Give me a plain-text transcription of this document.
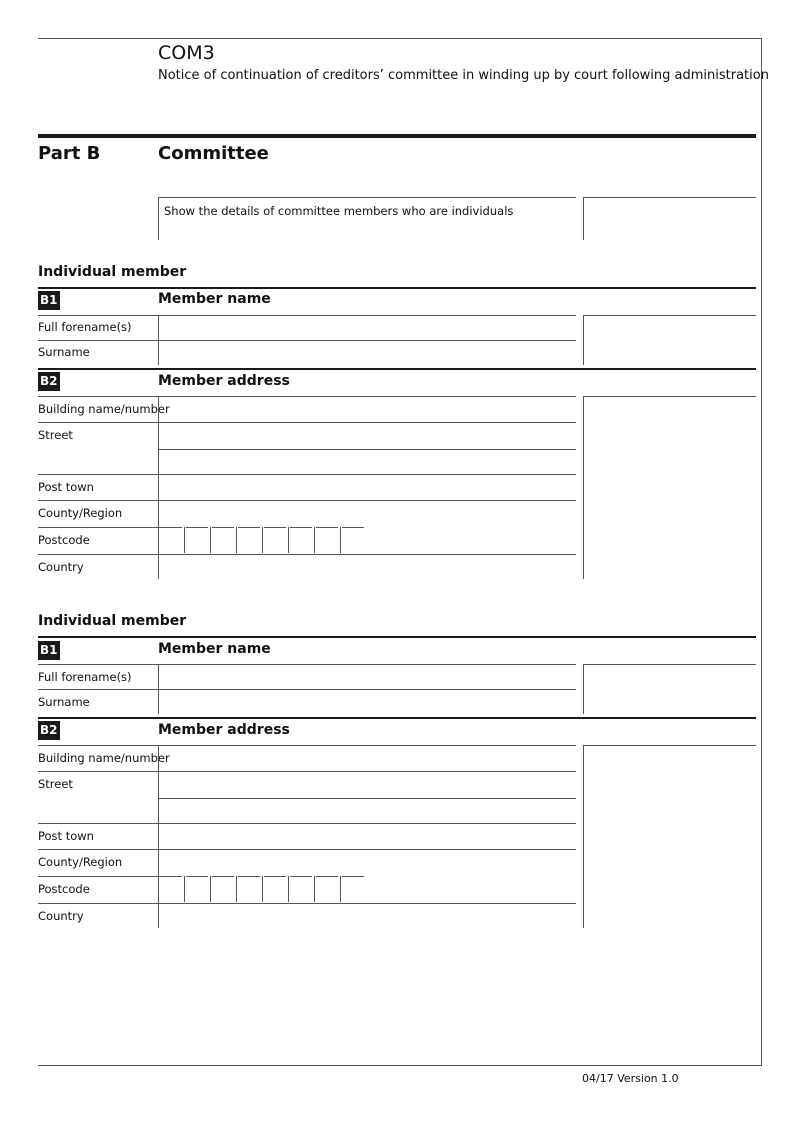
COM3
Notice of continuation of creditors’ committee in winding up by court following administration
Part B	Committee
Show the details of committee members who are individuals
Individual member
B1	Member name
Full forename(s)
Surname
B2	Member address
Building name/number
Street
Post town
County/Region
Postcode
Country
Individual member
B1	Member name
Full forename(s)
Surname
B2	Member address
Building name/number
Street
Post town
County/Region
Postcode
Country
04/17 Version 1.0
